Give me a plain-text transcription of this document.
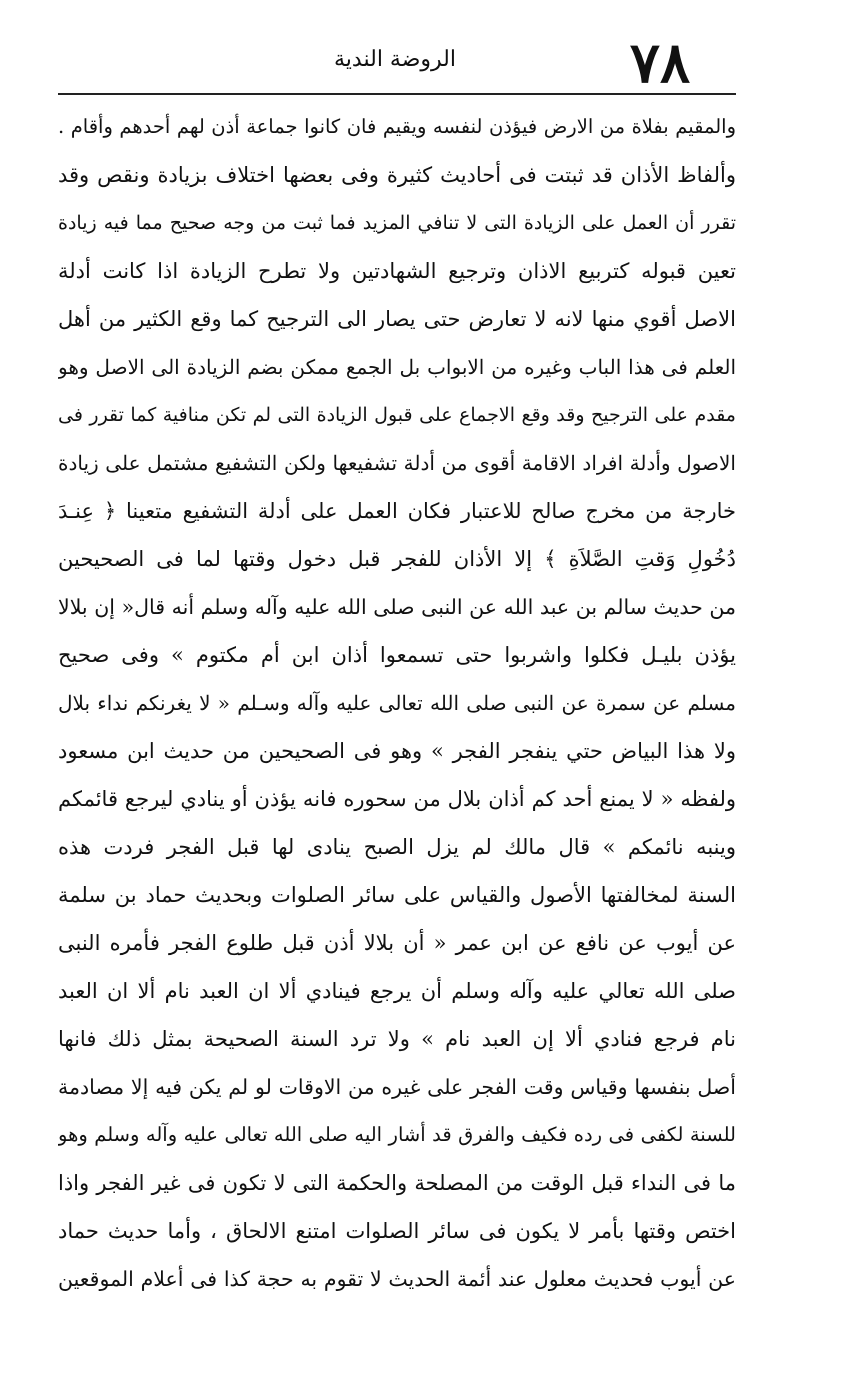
٧٨
الروضة الندية
والمقيم بفلاة من الارض فيؤذن لنفسه ويقيم فان كانوا جماعة أذن لهم أحدهم وأقام .
وألفاظ الأذان قد ثبتت فى أحاديث كثيرة وفى بعضها اختلاف بزيادة ونقص وقد
تقرر أن العمل على الزيادة التى لا تنافي المزيد فما ثبت من وجه صحيح مما فيه زيادة
تعين قبوله كتربيع الاذان وترجيع الشهادتين ولا تطرح الزيادة اذا كانت أدلة
الاصل أقوي منها لانه لا تعارض حتى يصار الى الترجيح كما وقع الكثير من أهل
العلم فى هذا الباب وغيره من الابواب بل الجمع ممكن بضم الزيادة الى الاصل وهو
مقدم على الترجيح وقد وقع الاجماع على قبول الزيادة التى لم تكن منافية كما تقرر فى
الاصول وأدلة افراد الاقامة أقوى من أدلة تشفيعها ولكن التشفيع مشتمل على زيادة
خارجة من مخرج صالح للاعتبار فكان العمل على أدلة التشفيع متعينا ﴿ عِنـدَ
دُخُولِ وَقتِ الصَّلاَةِ ﴾ إلا الأذان للفجر قبل دخول وقتها لما فى الصحيحين
من حديث سالم بن عبد الله عن النبى صلى الله عليه وآله وسلم أنه قال« إن بلالا
يؤذن بليـل فكلوا واشربوا حتى تسمعوا أذان ابن أم مكتوم » وفى صحيح
مسلم عن سمرة عن النبى صلى الله تعالى عليه وآله وسـلم « لا يغرنكم نداء بلال
ولا هذا البياض حتي ينفجر الفجر » وهو فى الصحيحين من حديث ابن مسعود
ولفظه « لا يمنع أحد كم أذان بلال من سحوره فانه يؤذن أو ينادي ليرجع قائمكم
وينبه نائمكم » قال مالك لم يزل الصبح ينادى لها قبل الفجر فردت هذه
السنة لمخالفتها الأصول والقياس على سائر الصلوات وبحديث حماد بن سلمة
عن أيوب عن نافع عن ابن عمر « أن بلالا أذن قبل طلوع الفجر فأمره النبى
صلى الله تعالي عليه وآله وسلم أن يرجع فينادي ألا ان العبد نام ألا ان العبد
نام فرجع فنادي ألا إن العبد نام » ولا ترد السنة الصحيحة بمثل ذلك فانها
أصل بنفسها وقياس وقت الفجر على غيره من الاوقات لو لم يكن فيه إلا مصادمة
للسنة لكفى فى رده فكيف والفرق قد أشار اليه صلى الله تعالى عليه وآله وسلم وهو
ما فى النداء قبل الوقت من المصلحة والحكمة التى لا تكون فى غير الفجر واذا
اختص وقتها بأمر لا يكون فى سائر الصلوات امتنع الالحاق ، وأما حديث حماد
عن أيوب فحديث معلول عند أئمة الحديث لا تقوم به حجة كذا فى أعلام الموقعين
